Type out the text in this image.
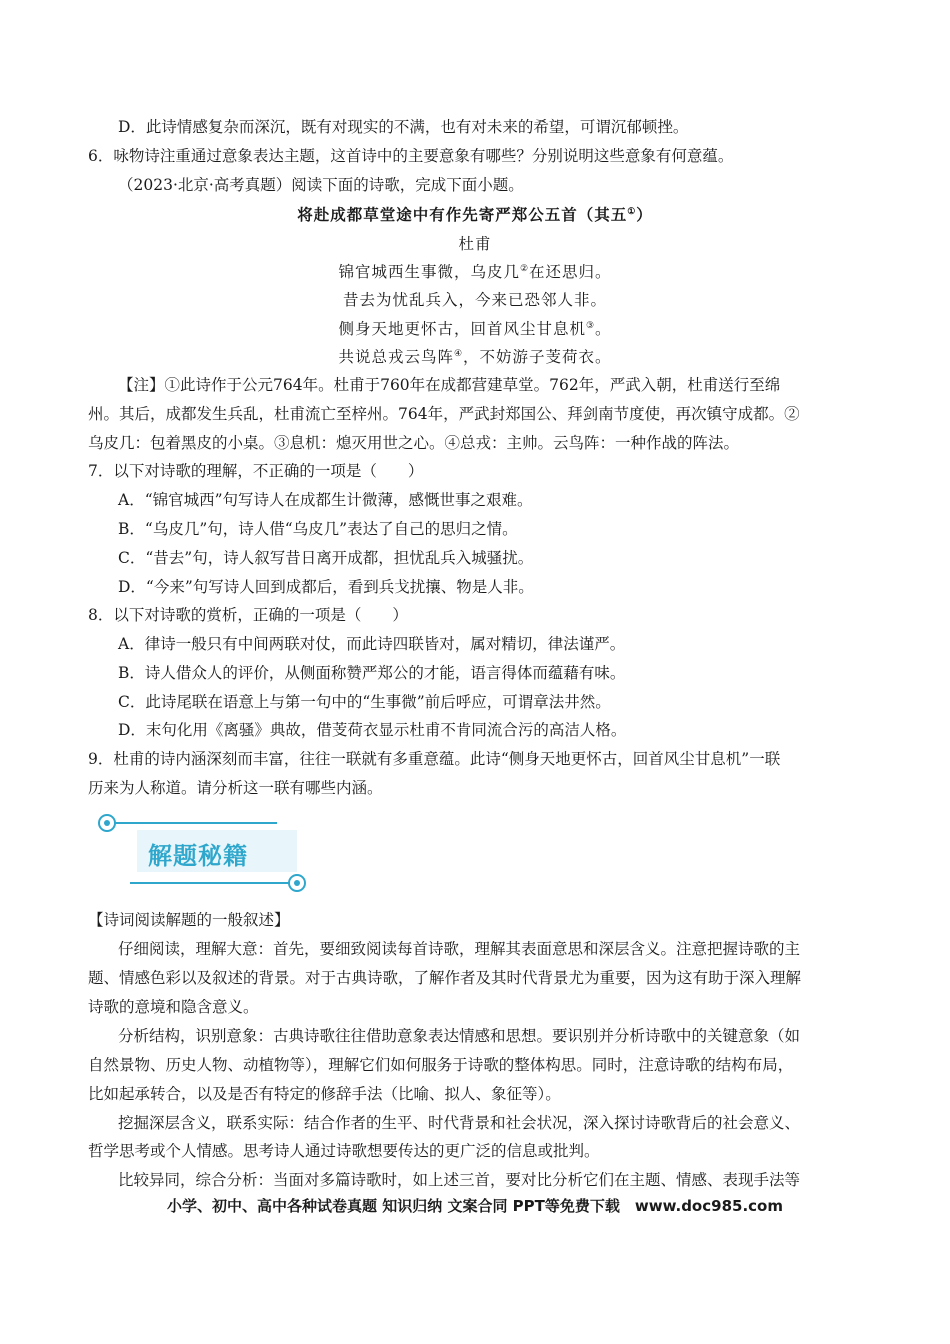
D．此诗情感复杂而深沉，既有对现实的不满，也有对未来的希望，可谓沉郁顿挫。
6．咏物诗注重通过意象表达主题，这首诗中的主要意象有哪些？分别说明这些意象有何意蕴。
（2023·北京·高考真题）阅读下面的诗歌，完成下面小题。
将赴成都草堂途中有作先寄严郑公五首（其五①）
杜甫
锦官城西生事微，乌皮几②在还思归。
昔去为忧乱兵入，今来已恐邻人非。
侧身天地更怀古，回首风尘甘息机③。
共说总戎云鸟阵④，不妨游子芰荷衣。
【注】①此诗作于公元764年。杜甫于760年在成都营建草堂。762年，严武入朝，杜甫送行至绵
州。其后，成都发生兵乱，杜甫流亡至梓州。764年，严武封郑国公、拜剑南节度使，再次镇守成都。②
乌皮几：包着黑皮的小桌。③息机：熄灭用世之心。④总戎：主帅。云鸟阵：一种作战的阵法。
7．以下对诗歌的理解，不正确的一项是（　　）
A．“锦官城西”句写诗人在成都生计微薄，感慨世事之艰难。
B．“乌皮几”句，诗人借“乌皮几”表达了自己的思归之情。
C．“昔去”句，诗人叙写昔日离开成都，担忧乱兵入城骚扰。
D．“今来”句写诗人回到成都后，看到兵戈扰攘、物是人非。
8．以下对诗歌的赏析，正确的一项是（　　）
A．律诗一般只有中间两联对仗，而此诗四联皆对，属对精切，律法谨严。
B．诗人借众人的评价，从侧面称赞严郑公的才能，语言得体而蕴藉有味。
C．此诗尾联在语意上与第一句中的“生事微”前后呼应，可谓章法井然。
D．末句化用《离骚》典故，借芰荷衣显示杜甫不肯同流合污的高洁人格。
9．杜甫的诗内涵深刻而丰富，往往一联就有多重意蕴。此诗“侧身天地更怀古，回首风尘甘息机”一联
历来为人称道。请分析这一联有哪些内涵。
解题秘籍
【诗词阅读解题的一般叙述】
仔细阅读，理解大意：首先，要细致阅读每首诗歌，理解其表面意思和深层含义。注意把握诗歌的主
题、情感色彩以及叙述的背景。对于古典诗歌，了解作者及其时代背景尤为重要，因为这有助于深入理解
诗歌的意境和隐含意义。
分析结构，识别意象：古典诗歌往往借助意象表达情感和思想。要识别并分析诗歌中的关键意象（如
自然景物、历史人物、动植物等），理解它们如何服务于诗歌的整体构思。同时，注意诗歌的结构布局，
比如起承转合，以及是否有特定的修辞手法（比喻、拟人、象征等）。
挖掘深层含义，联系实际：结合作者的生平、时代背景和社会状况，深入探讨诗歌背后的社会意义、
哲学思考或个人情感。思考诗人通过诗歌想要传达的更广泛的信息或批判。
比较异同，综合分析：当面对多篇诗歌时，如上述三首，要对比分析它们在主题、情感、表现手法等
小学、初中、高中各种试卷真题 知识归纳 文案合同 PPT等免费下载　www.doc985.com
